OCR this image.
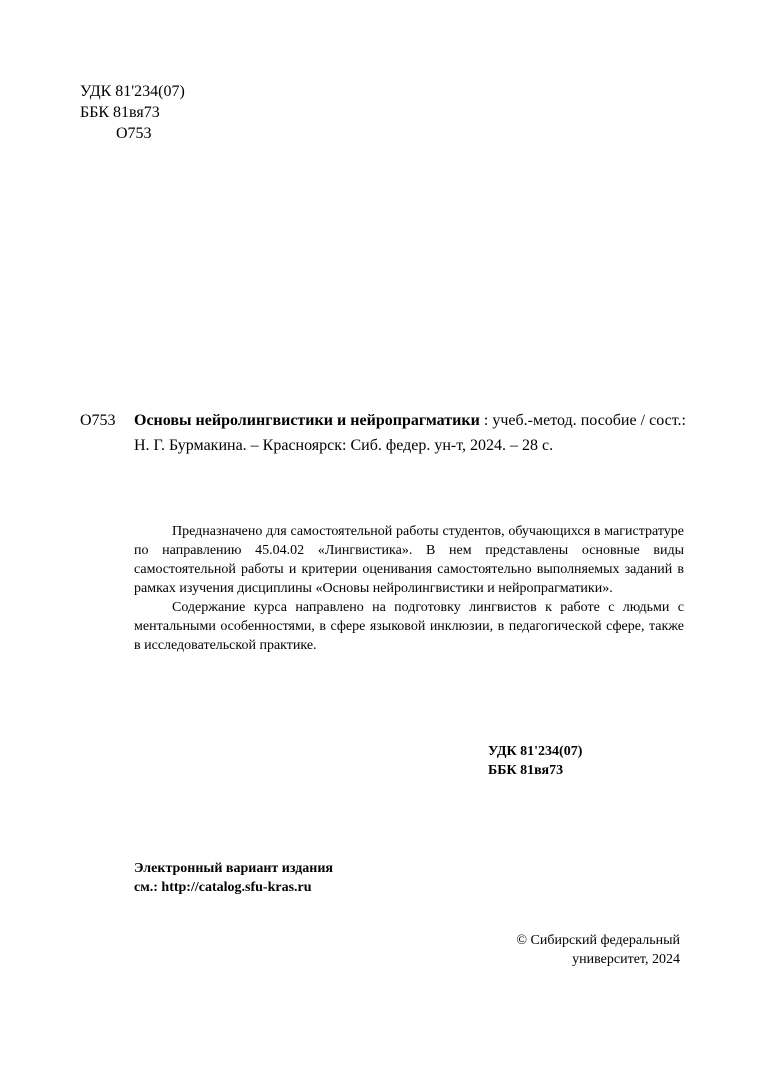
УДК 81'234(07)
ББК 81вя73
О753
О753 Основы нейролингвистики и нейропрагматики : учеб.-метод. пособие / сост.: Н. Г. Бурмакина. – Красноярск: Сиб. федер. ун-т, 2024. – 28 с.

Предназначено для самостоятельной работы студентов, обучающихся в магистратуре по направлению 45.04.02 «Лингвистика». В нем представлены основные виды самостоятельной работы и критерии оценивания самостоятельно выполняемых заданий в рамках изучения дисциплины «Основы нейролингвистики и нейропрагматики».

Содержание курса направлено на подготовку лингвистов к работе с людьми с ментальными особенностями, в сфере языковой инклюзии, в педагогической сфере, также в исследовательской практике.

УДК 81'234(07)
ББК 81вя73
Электронный вариант издания
см.: http://catalog.sfu-kras.ru
© Сибирский федеральный
университет, 2024
